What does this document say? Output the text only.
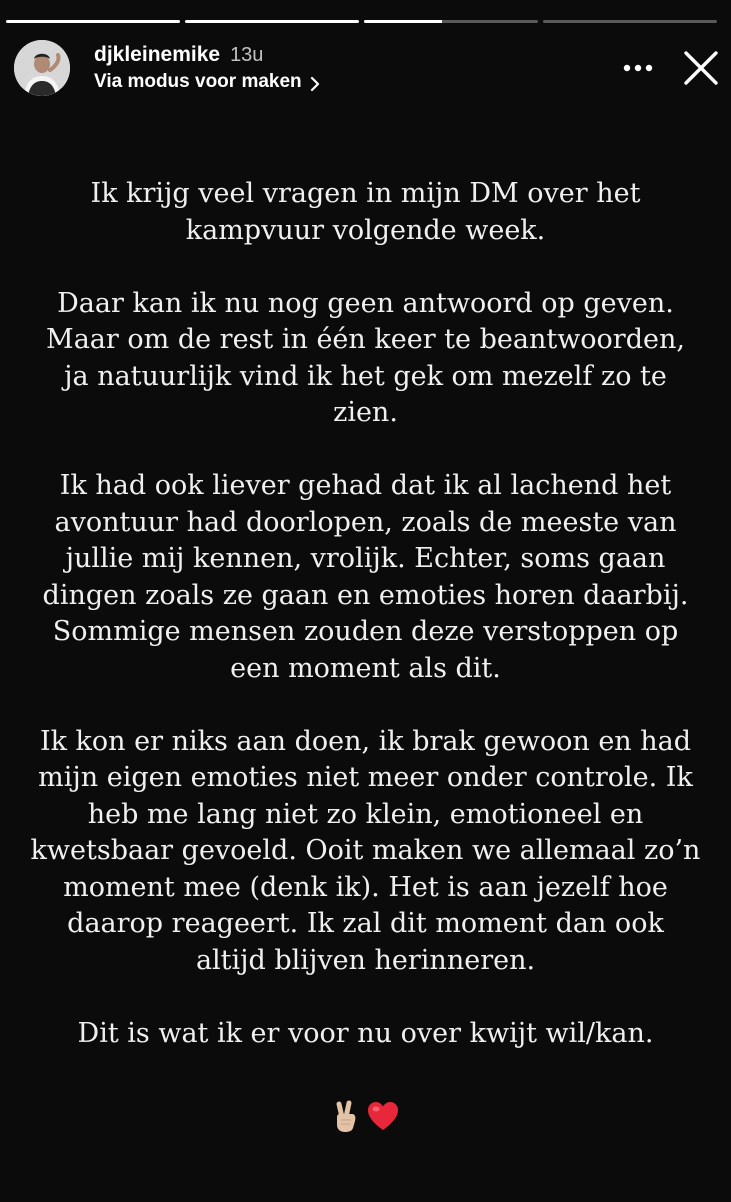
djkleinemike 13u
Via modus voor maken

Ik krijg veel vragen in mijn DM over het kampvuur volgende week.

Daar kan ik nu nog geen antwoord op geven. Maar om de rest in één keer te beantwoorden, ja natuurlijk vind ik het gek om mezelf zo te zien.

Ik had ook liever gehad dat ik al lachend het avontuur had doorlopen, zoals de meeste van jullie mij kennen, vrolijk. Echter, soms gaan dingen zoals ze gaan en emoties horen daarbij. Sommige mensen zouden deze verstoppen op een moment als dit.

Ik kon er niks aan doen, ik brak gewoon en had mijn eigen emoties niet meer onder controle. Ik heb me lang niet zo klein, emotioneel en kwetsbaar gevoeld. Ooit maken we allemaal zo’n moment mee (denk ik). Het is aan jezelf hoe daarop reageert. Ik zal dit moment dan ook altijd blijven herinneren.

Dit is wat ik er voor nu over kwijt wil/kan.
